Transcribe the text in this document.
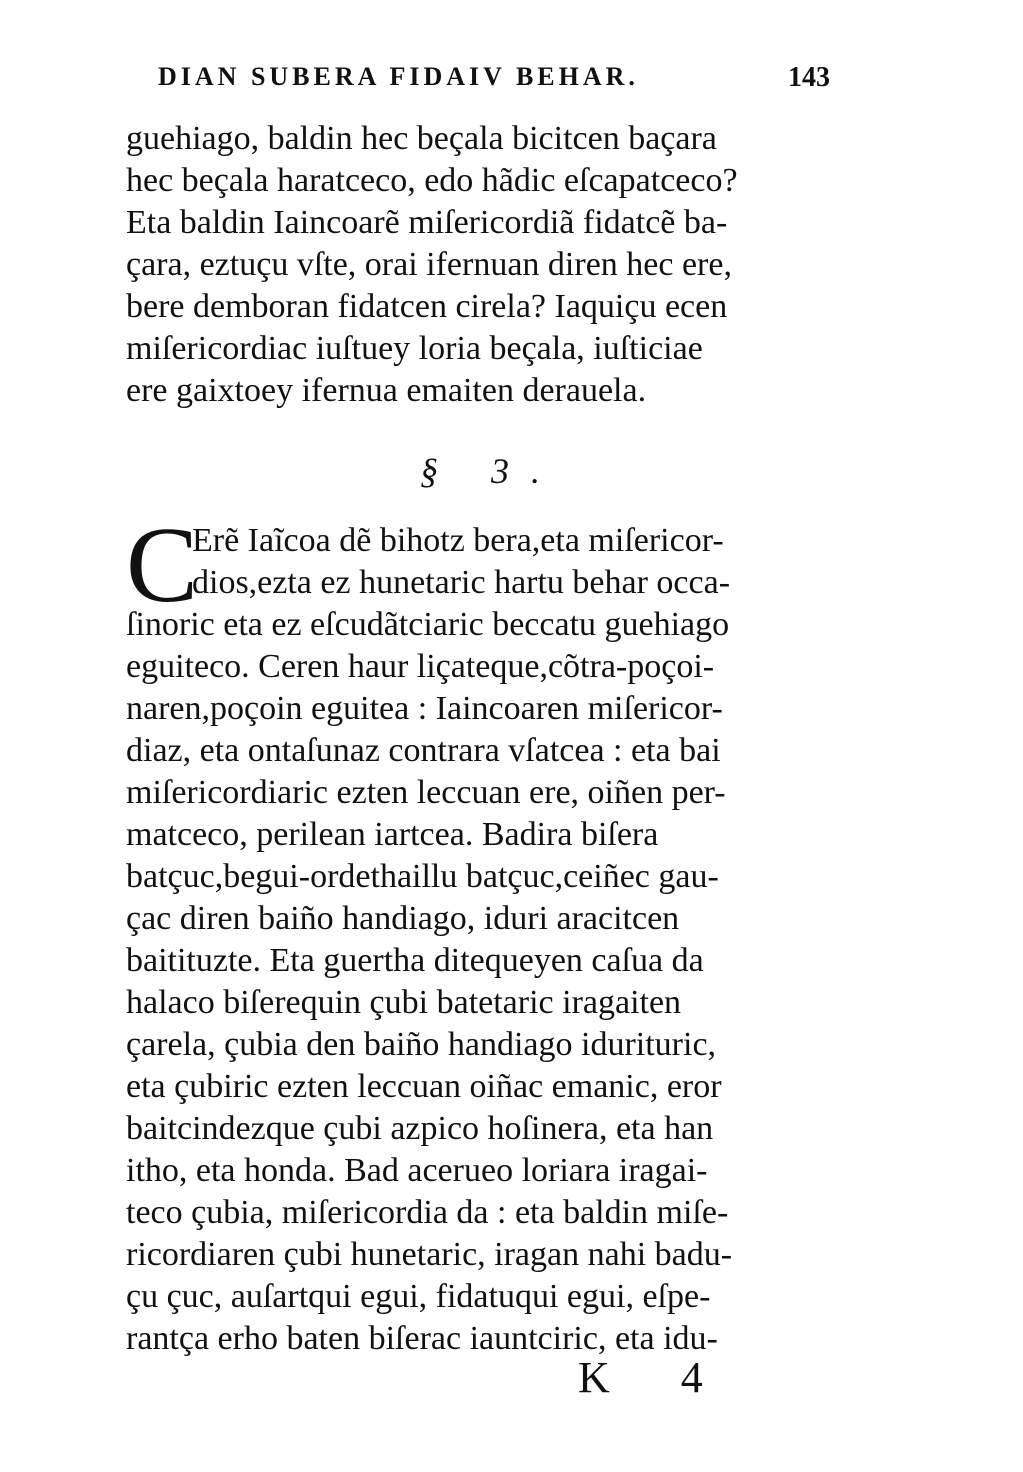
DIAN SUBERA FIDAIV BEHAR.	143
guehiago, baldin hec beçala bicitcen baçara
hec beçala haratceco, edo hãdic eſcapatceco?
Eta baldin Iaincoarẽ miſericordiã fidatcẽ ba-
çara, eztuçu vſte, orai ifernuan diren hec ere,
bere demboran fidatcen cirela? Iaquiçu ecen
miſericordiac iuſtuey loria beçala, iuſticiae
ere gaixtoey ifernua emaiten derauela.
§ 3.
C
Erẽ Iaĩcoa dẽ bihotz bera,eta miſericor-
dios,ezta ez hunetaric hartu behar occa-
ſinoric eta ez eſcudãtciaric beccatu guehiago
eguiteco. Ceren haur liçateque,cõtra-poçoi-
naren,poçoin eguitea : Iaincoaren miſericor-
diaz, eta ontaſunaz contrara vſatcea : eta bai
miſericordiaric ezten leccuan ere, oiñen per-
matceco, perilean iartcea. Badira biſera
batçuc,begui-ordethaillu batçuc,ceiñec gau-
çac diren baiño handiago, iduri aracitcen
baitituzte. Eta guertha ditequeyen caſua da
halaco biſerequin çubi batetaric iragaiten
çarela, çubia den baiño handiago idurituric,
eta çubiric ezten leccuan oiñac emanic, eror
baitcindezque çubi azpico hoſinera, eta han
itho, eta honda. Bad acerueo loriara iragai-
teco çubia, miſericordia da : eta baldin miſe-
ricordiaren çubi hunetaric, iragan nahi badu-
çu çuc, auſartqui egui, fidatuqui egui, eſpe-
rantça erho baten biſerac iauntciric, eta idu-
K 4
